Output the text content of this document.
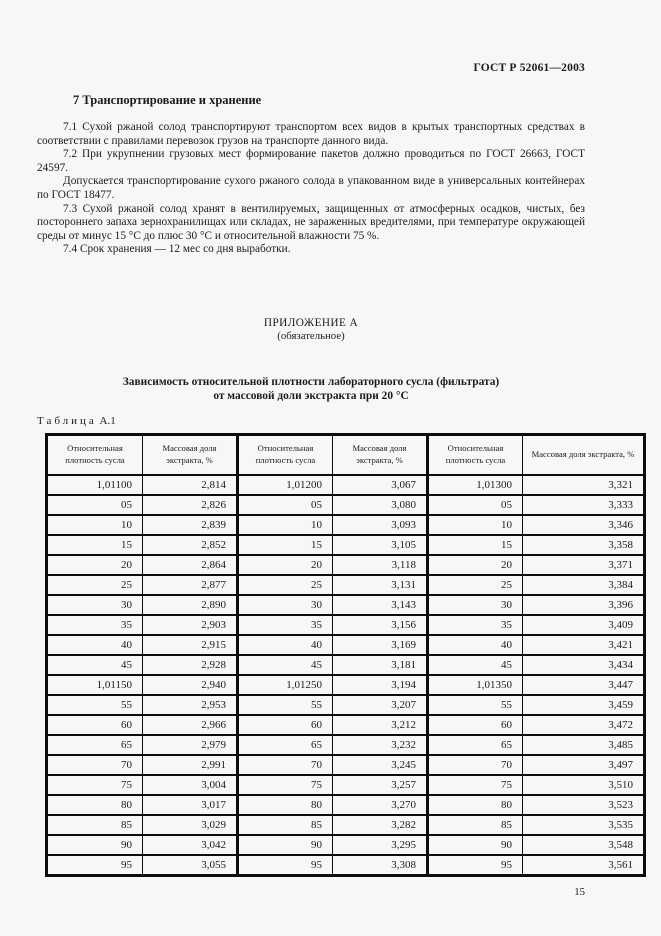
ГОСТ Р 52061—2003
7 Транспортирование и хранение

7.1 Сухой ржаной солод транспортируют транспортом всех видов в крытых транспортных средствах в соответствии с правилами перевозок грузов на транспорте данного вида.

7.2 При укрупнении грузовых мест формирование пакетов должно проводиться по ГОСТ 26663, ГОСТ 24597.

Допускается транспортирование сухого ржаного солода в упакованном виде в универсальных контейнерах по ГОСТ 18477.

7.3 Сухой ржаной солод хранят в вентилируемых, защищенных от атмосферных осадков, чистых, без постороннего запаха зернохранилищах или складах, не зараженных вредителями, при температуре окружающей среды от минус 15 °С до плюс 30 °С и относительной влажности 75 %.

7.4 Срок хранения — 12 мес со дня выработки.

ПРИЛОЖЕНИЕ А
(обязательное)
Зависимость относительной плотности лабораторного сусла (фильтрата)
от массовой доли экстракта при 20 °С
Таблица А.1
Относительная плотность сусла	Массовая доля экстракта, %	Относительная плотность сусла	Массовая доля экстракта, %	Относительная плотность сусла	Массовая доля экстракта, %
1,01100	2,814	1,01200	3,067	1,01300	3,321
05	2,826	05	3,080	05	3,333
10	2,839	10	3,093	10	3,346
15	2,852	15	3,105	15	3,358
20	2,864	20	3,118	20	3,371
25	2,877	25	3,131	25	3,384
30	2,890	30	3,143	30	3,396
35	2,903	35	3,156	35	3,409
40	2,915	40	3,169	40	3,421
45	2,928	45	3,181	45	3,434
1,01150	2,940	1,01250	3,194	1,01350	3,447
55	2,953	55	3,207	55	3,459
60	2,966	60	3,212	60	3,472
65	2,979	65	3,232	65	3,485
70	2,991	70	3,245	70	3,497
75	3,004	75	3,257	75	3,510
80	3,017	80	3,270	80	3,523
85	3,029	85	3,282	85	3,535
90	3,042	90	3,295	90	3,548
95	3,055	95	3,308	95	3,561
15
